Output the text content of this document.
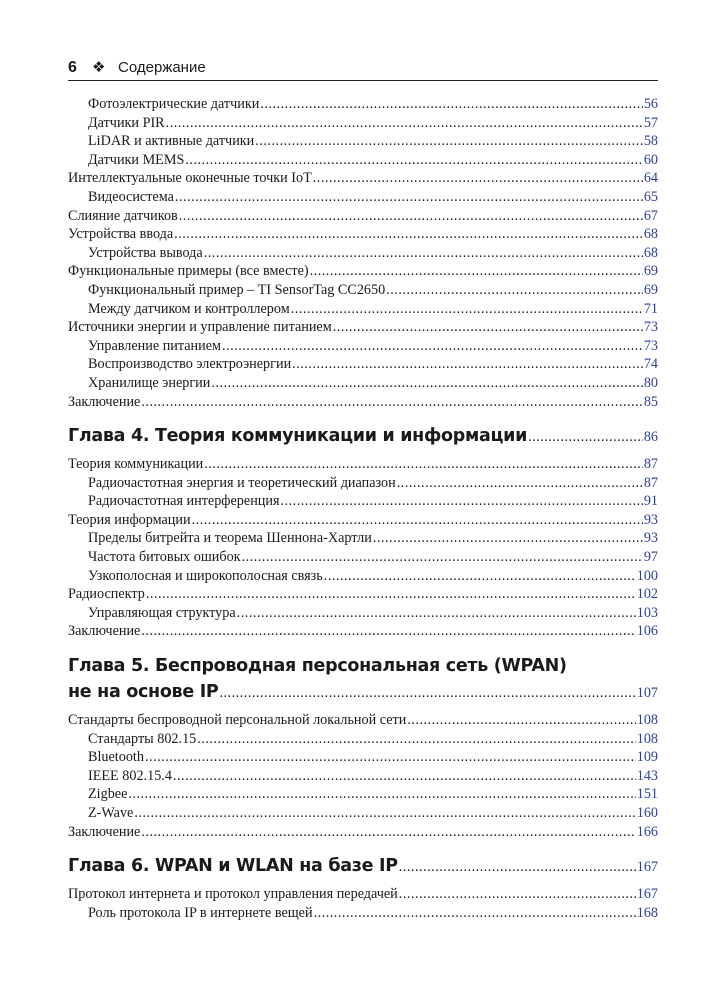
6 ❖ Содержание
Фотоэлектрические датчики .....	56
Датчики PIR .....	57
LiDAR и активные датчики .....	58
Датчики MEMS .....	60
Интеллектуальные оконечные точки IoT .....	64
Видеосистема .....	65
Слияние датчиков .....	67
Устройства ввода .....	68
Устройства вывода .....	68
Функциональные примеры (все вместе) .....	69
Функциональный пример – TI SensorTag CC2650 .....	69
Между датчиком и контроллером .....	71
Источники энергии и управление питанием .....	73
Управление питанием .....	73
Воспроизводство электроэнергии .....	74
Хранилище энергии .....	80
Заключение .....	85
Глава 4. Теория коммуникации и информации .....	86
Теория коммуникации .....	87
Радиочастотная энергия и теоретический диапазон .....	87
Радиочастотная интерференция .....	91
Теория информации .....	93
Пределы битрейта и теорема Шеннона-Хартли .....	93
Частота битовых ошибок .....	97
Узкополосная и широкополосная связь .....	100
Радиоспектр .....	102
Управляющая структура .....	103
Заключение .....	106
Глава 5. Беспроводная персональная сеть (WPAN)
не на основе IP .....	107
Стандарты беспроводной персональной локальной сети .....	108
Стандарты 802.15 .....	108
Bluetooth .....	109
IEEE 802.15.4 .....	143
Zigbee .....	151
Z-Wave .....	160
Заключение .....	166
Глава 6. WPAN и WLAN на базе IP .....	167
Протокол интернета и протокол управления передачей .....	167
Роль протокола IP в интернете вещей .....	168
